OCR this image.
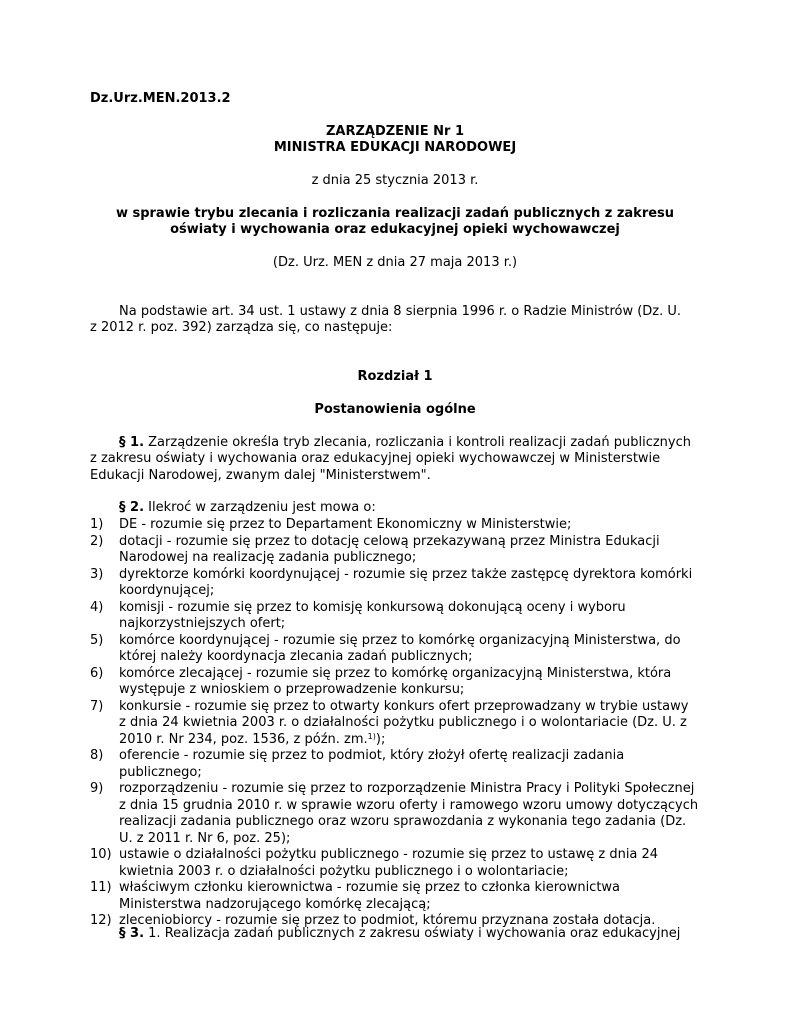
Dz.Urz.MEN.2013.2
ZARZĄDZENIE Nr 1
MINISTRA EDUKACJI NARODOWEJ
z dnia 25 stycznia 2013 r.
w sprawie trybu zlecania i rozliczania realizacji zadań publicznych z zakresu
oświaty i wychowania oraz edukacyjnej opieki wychowawczej
(Dz. Urz. MEN z dnia 27 maja 2013 r.)
Na podstawie art. 34 ust. 1 ustawy z dnia 8 sierpnia 1996 r. o Radzie Ministrów (Dz. U.
z 2012 r. poz. 392) zarządza się, co następuje:
Rozdział 1
Postanowienia ogólne
§ 1. Zarządzenie określa tryb zlecania, rozliczania i kontroli realizacji zadań publicznych
z zakresu oświaty i wychowania oraz edukacyjnej opieki wychowawczej w Ministerstwie
Edukacji Narodowej, zwanym dalej "Ministerstwem".
§ 2. Ilekroć w zarządzeniu jest mowa o:
1) DE - rozumie się przez to Departament Ekonomiczny w Ministerstwie;
2) dotacji - rozumie się przez to dotację celową przekazywaną przez Ministra Edukacji
Narodowej na realizację zadania publicznego;
3) dyrektorze komórki koordynującej - rozumie się przez także zastępcę dyrektora komórki
koordynującej;
4) komisji - rozumie się przez to komisję konkursową dokonującą oceny i wyboru
najkorzystniejszych ofert;
5) komórce koordynującej - rozumie się przez to komórkę organizacyjną Ministerstwa, do
której należy koordynacja zlecania zadań publicznych;
6) komórce zlecającej - rozumie się przez to komórkę organizacyjną Ministerstwa, która
występuje z wnioskiem o przeprowadzenie konkursu;
7) konkursie - rozumie się przez to otwarty konkurs ofert przeprowadzany w trybie ustawy
z dnia 24 kwietnia 2003 r. o działalności pożytku publicznego i o wolontariacie (Dz. U. z
2010 r. Nr 234, poz. 1536, z późn. zm.$^{1)}$);
8) oferencie - rozumie się przez to podmiot, który złożył ofertę realizacji zadania
publicznego;
9) rozporządzeniu - rozumie się przez to rozporządzenie Ministra Pracy i Polityki Społecznej
z dnia 15 grudnia 2010 r. w sprawie wzoru oferty i ramowego wzoru umowy dotyczących
realizacji zadania publicznego oraz wzoru sprawozdania z wykonania tego zadania (Dz.
U. z 2011 r. Nr 6, poz. 25);
10) ustawie o działalności pożytku publicznego - rozumie się przez to ustawę z dnia 24
kwietnia 2003 r. o działalności pożytku publicznego i o wolontariacie;
11) właściwym członku kierownictwa - rozumie się przez to członka kierownictwa
Ministerstwa nadzorującego komórkę zlecającą;
12) zleceniobiorcy - rozumie się przez to podmiot, któremu przyznana została dotacja.
§ 3. 1. Realizacja zadań publicznych z zakresu oświaty i wychowania oraz edukacyjnej
